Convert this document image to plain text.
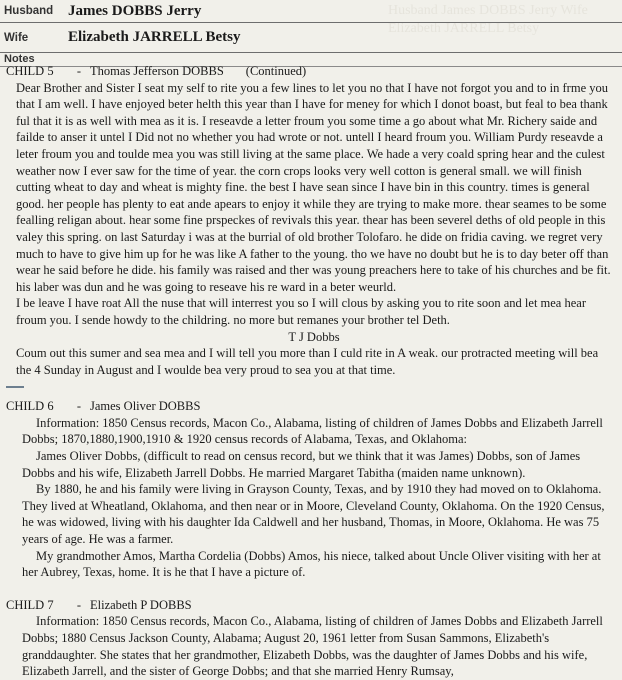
Husband James DOBBS Jerry Wife Elizabeth JARRELL Betsy
Husband James DOBBS Jerry
Wife	Elizabeth JARRELL Betsy
Notes
CHILD 5 - Thomas Jefferson DOBBS (Continued)

Dear Brother and Sister I seat my self to rite you a few lines to let you no that I have not forgot you and to in frme you that I am well. I have enjoyed beter helth this year than I have for meney for which I donot boast, but feal to bea thank ful that it is as well with mea as it is. I reseavde a letter froum you some time a go about what Mr. Richery saide and failde to anser it untel I Did not no whether you had wrote or not. untell I heard froum you. William Purdy reseavde a leter froum you and toulde mea you was still living at the same place. We hade a very coald spring hear and the culest weather now I ever saw for the time of year. the corn crops looks very well cotton is general small. we will finish cutting wheat to day and wheat is mighty fine. the best I have sean since I have bin in this country. times is general good. her people has plenty to eat ande apears to enjoy it while they are trying to make more. thear seames to be some fealling religan about. hear some fine prspeckes of revivals this year. thear has been severel deths of old people in this valey this spring. on last Saturday i was at the burrial of old brother Tolofaro. he dide on fridia caving. we regret very much to have to give him up for he was like A father to the young. tho we have no doubt but he is to day beter off than wear he said before he dide. his family was raised and ther was young preachers here to take of his churches and be fit. his laber was dun and he was going to reseave his re ward in a beter weurld.

I be leave I have roat All the nuse that will interrest you so I will clous by asking you to rite soon and let mea hear froum you. I sende howdy to the childring. no more but remanes your brother tel Deth.

T J Dobbs

Coum out this sumer and sea mea and I will tell you more than I culd rite in A weak. our protracted meeting will bea the 4 Sunday in August and I woulde bea very proud to sea you at that time.

CHILD 6 - James Oliver DOBBS

Information: 1850 Census records, Macon Co., Alabama, listing of children of James Dobbs and Elizabeth Jarrell Dobbs; 1870,1880,1900,1910 & 1920 census records of Alabama, Texas, and Oklahoma:

James Oliver Dobbs, (difficult to read on census record, but we think that it was James) Dobbs, son of James Dobbs and his wife, Elizabeth Jarrell Dobbs. He married Margaret Tabitha (maiden name unknown).

By 1880, he and his family were living in Grayson County, Texas, and by 1910 they had moved on to Oklahoma. They lived at Wheatland, Oklahoma, and then near or in Moore, Cleveland County, Oklahoma. On the 1920 Census, he was widowed, living with his daughter Ida Caldwell and her husband, Thomas, in Moore, Oklahoma. He was 75 years of age. He was a farmer.

My grandmother Amos, Martha Cordelia (Dobbs) Amos, his niece, talked about Uncle Oliver visiting with her at her Aubrey, Texas, home. It is he that I have a picture of.

CHILD 7 - Elizabeth P DOBBS

Information: 1850 Census records, Macon Co., Alabama, listing of children of James Dobbs and Elizabeth Jarrell Dobbs; 1880 Census Jackson County, Alabama; August 20, 1961 letter from Susan Sammons, Elizabeth's granddaughter. She states that her grandmother, Elizabeth Dobbs, was the daughter of James Dobbs and his wife, Elizabeth Jarrell, and the sister of George Dobbs; and that she married Henry Rumsay,
